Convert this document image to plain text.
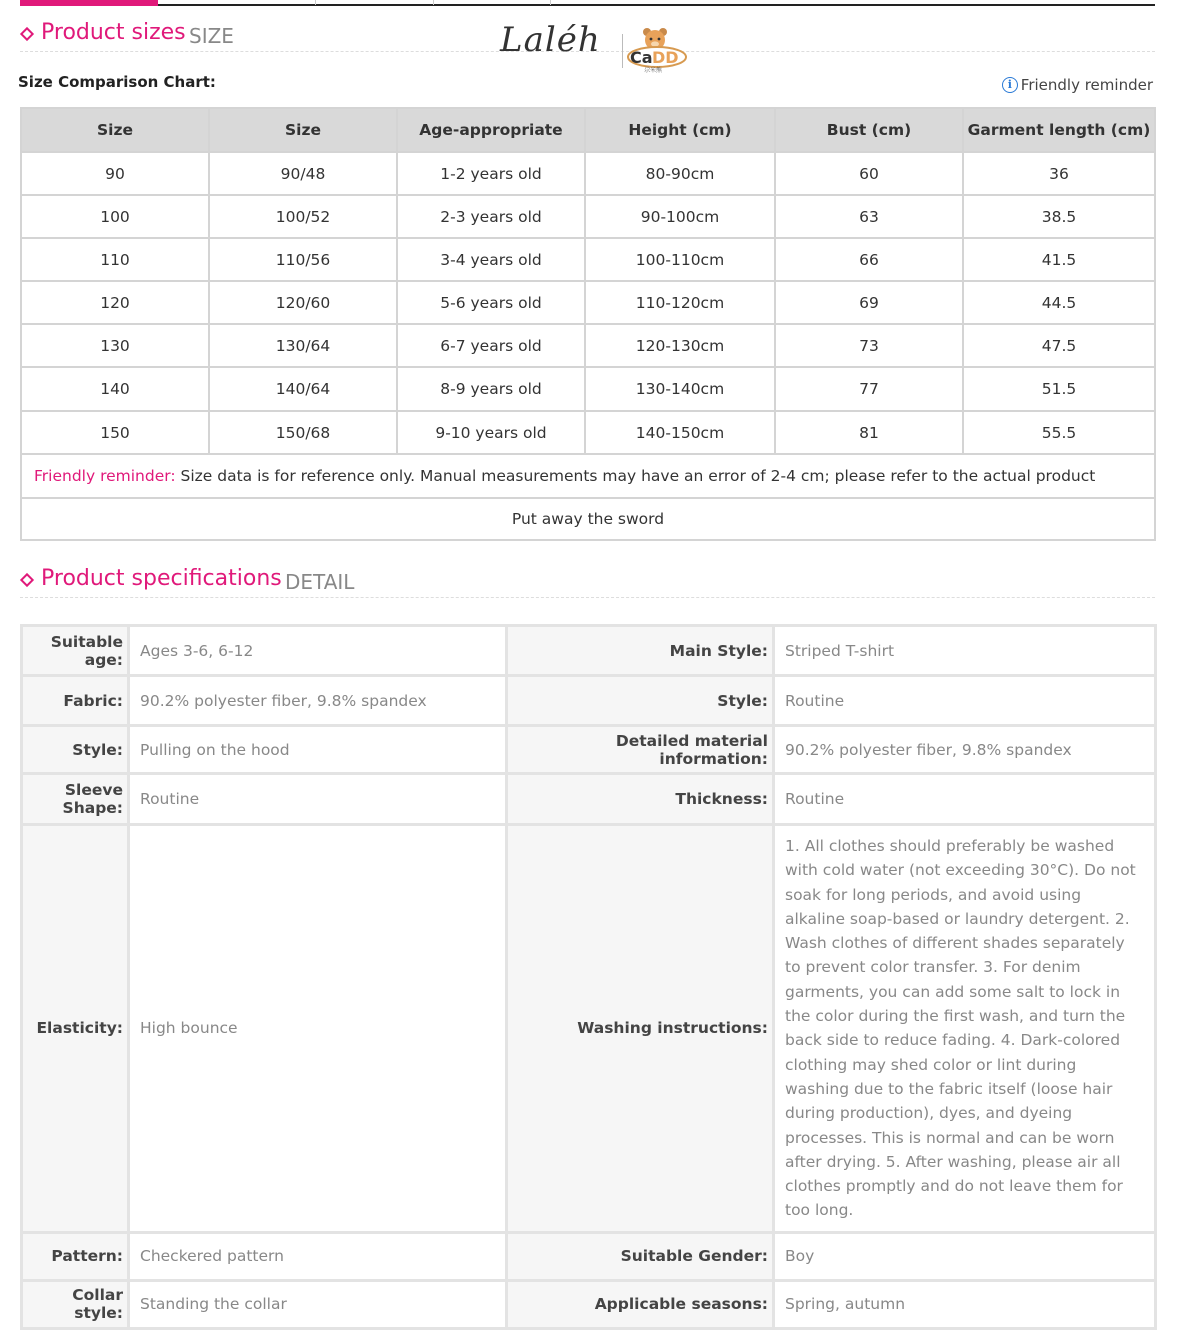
Product sizes SIZE	Laléh Ca DD
尕米熊
Size Comparison Chart:	i Friendly reminder
Size	Size	Age-appropriate	Height (cm)	Bust (cm)	Garment length (cm)
90	90/48	1-2 years old	80-90cm	60	36
100	100/52	2-3 years old	90-100cm	63	38.5
110	110/56	3-4 years old	100-110cm	66	41.5
120	120/60	5-6 years old	110-120cm	69	44.5
130	130/64	6-7 years old	120-130cm	73	47.5
140	140/64	8-9 years old	130-140cm	77	51.5
150	150/68	9-10 years old	140-150cm	81	55.5
Friendly reminder: Size data is for reference only. Manual measurements may have an error of 2-4 cm; please refer to the actual product					
Put away the sword					
Product specifications DETAIL
Suitable age:	Ages 3-6, 6-12	Main Style:	Striped T-shirt
Fabric:	90.2% polyester fiber, 9.8% spandex	Style:	Routine
Style:	Pulling on the hood	Detailed material information:	90.2% polyester fiber, 9.8% spandex
Sleeve Shape:	Routine	Thickness:	Routine
Elasticity:	High bounce	Washing instructions:	1. All clothes should preferably be washed with cold water (not exceeding 30°C). Do not soak for long periods, and avoid using alkaline soap-based or laundry detergent. 2. Wash clothes of different shades separately to prevent color transfer. 3. For denim garments, you can add some salt to lock in the color during the first wash, and turn the back side to reduce fading. 4. Dark-colored clothing may shed color or lint during washing due to the fabric itself (loose hair during production), dyes, and dyeing processes. This is normal and can be worn after drying. 5. After washing, please air all clothes promptly and do not leave them for too long.
Pattern:	Checkered pattern	Suitable Gender:	Boy
Collar style:	Standing the collar	Applicable seasons:	Spring, autumn
